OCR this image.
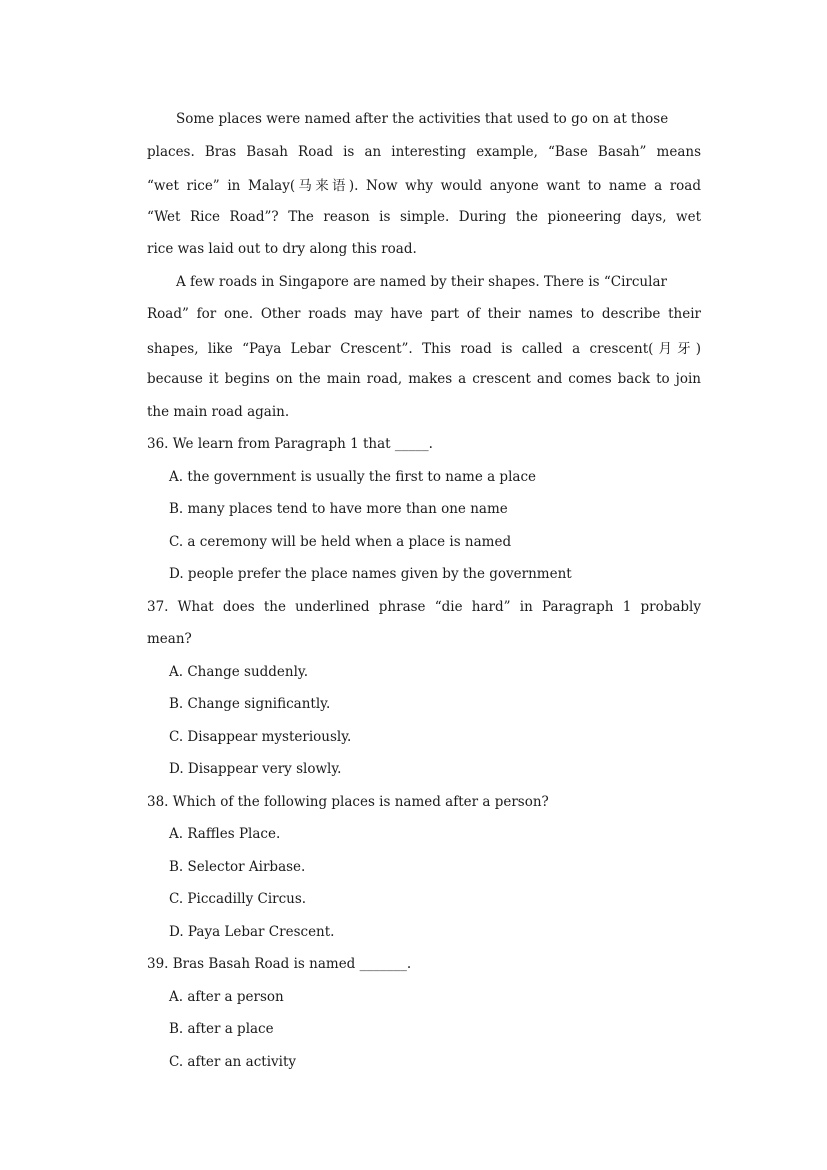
Some places were named after the activities that used to go on at those
places. Bras Basah Road is an interesting example, “Base Basah” means
“wet rice” in Malay(马来语). Now why would anyone want to name a road
“Wet Rice Road”? The reason is simple. During the pioneering days, wet
rice was laid out to dry along this road.
A few roads in Singapore are named by their shapes. There is “Circular
Road” for one. Other roads may have part of their names to describe their
shapes, like “Paya Lebar Crescent”. This road is called a crescent(月牙)
because it begins on the main road, makes a crescent and comes back to join
the main road again.
36. We learn from Paragraph 1 that _____.
A. the government is usually the first to name a place
B. many places tend to have more than one name
C. a ceremony will be held when a place is named
D. people prefer the place names given by the government
37. What does the underlined phrase “die hard” in Paragraph 1 probably
mean?
A. Change suddenly.
B. Change significantly.
C. Disappear mysteriously.
D. Disappear very slowly.
38. Which of the following places is named after a person?
A. Raffles Place.
B. Selector Airbase.
C. Piccadilly Circus.
D. Paya Lebar Crescent.
39. Bras Basah Road is named _______.
A. after a person
B. after a place
C. after an activity
